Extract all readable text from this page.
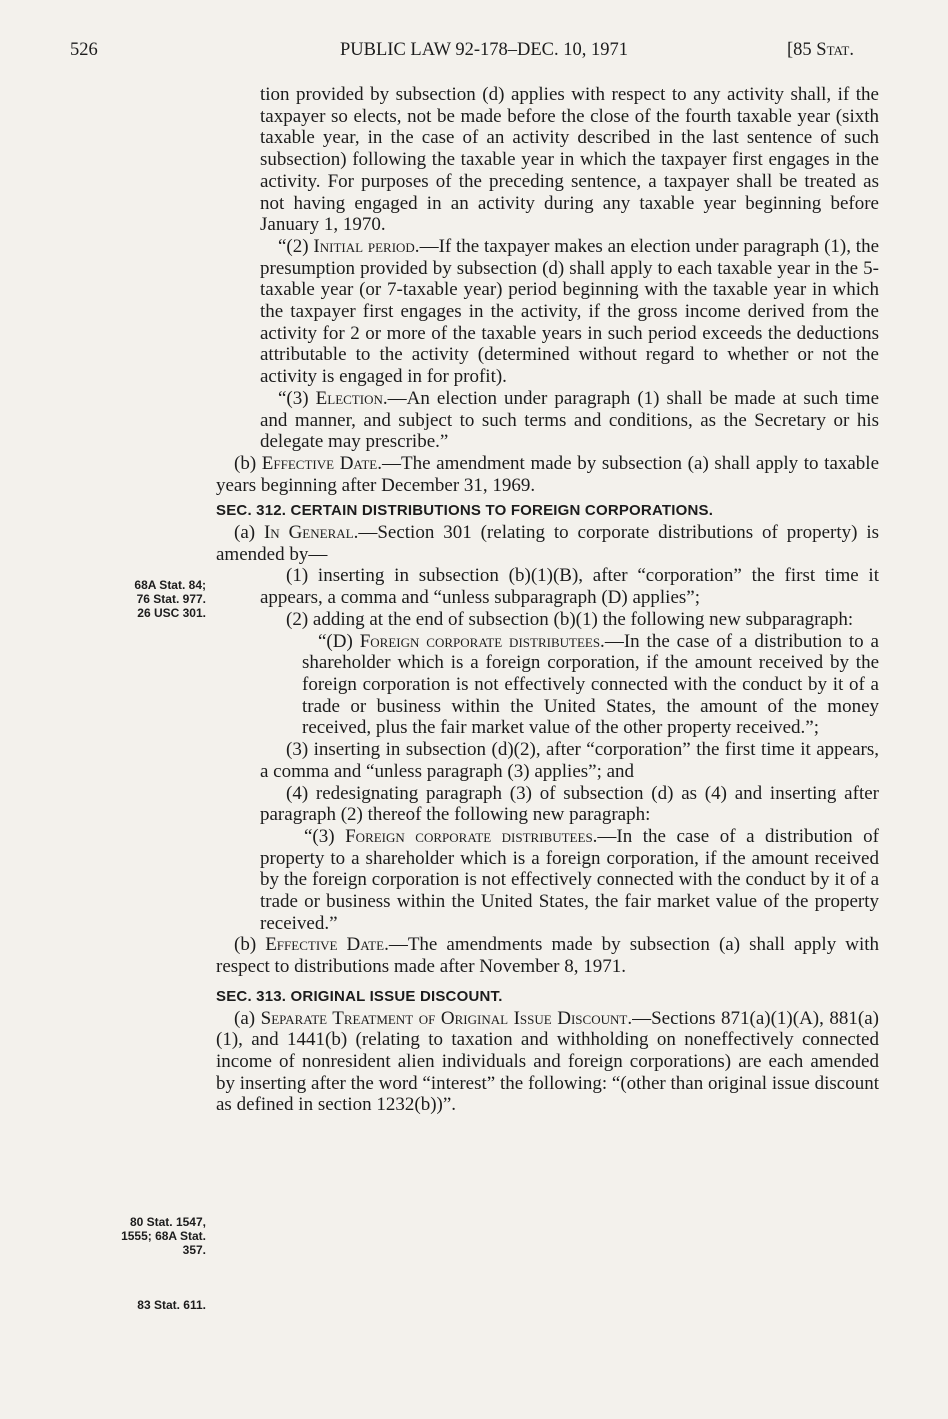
526	PUBLIC LAW 92-178–DEC. 10, 1971	[85 Stat.
68A Stat. 84;
76 Stat. 977.
26 USC 301.
80 Stat. 1547,
1555; 68A Stat.
357.
83 Stat. 611.

tion provided by subsection (d) applies with respect to any activity shall, if the taxpayer so elects, not be made before the close of the fourth taxable year (sixth taxable year, in the case of an activity described in the last sentence of such subsection) following the taxable year in which the taxpayer first engages in the activity. For purposes of the preceding sentence, a taxpayer shall be treated as not having engaged in an activity during any taxable year beginning before January 1, 1970.

“(2) Initial period.—If the taxpayer makes an election under paragraph (1), the presumption provided by subsection (d) shall apply to each taxable year in the 5-taxable year (or 7-taxable year) period beginning with the taxable year in which the taxpayer first engages in the activity, if the gross income derived from the activity for 2 or more of the taxable years in such period exceeds the deductions attributable to the activity (determined without regard to whether or not the activity is engaged in for profit).

“(3) Election.—An election under paragraph (1) shall be made at such time and manner, and subject to such terms and conditions, as the Secretary or his delegate may prescribe.”

(b) Effective Date.—The amendment made by subsection (a) shall apply to taxable years beginning after December 31, 1969.

SEC. 312. CERTAIN DISTRIBUTIONS TO FOREIGN CORPORATIONS.

(a) In General.—Section 301 (relating to corporate distributions of property) is amended by—

(1) inserting in subsection (b)(1)(B), after “corporation” the first time it appears, a comma and “unless subparagraph (D) applies”;

(2) adding at the end of subsection (b)(1) the following new subparagraph:

“(D) Foreign corporate distributees.—In the case of a distribution to a shareholder which is a foreign corporation, if the amount received by the foreign corporation is not effectively connected with the conduct by it of a trade or business within the United States, the amount of the money received, plus the fair market value of the other property received.”;

(3) inserting in subsection (d)(2), after “corporation” the first time it appears, a comma and “unless paragraph (3) applies”; and

(4) redesignating paragraph (3) of subsection (d) as (4) and inserting after paragraph (2) thereof the following new paragraph:

“(3) Foreign corporate distributees.—In the case of a distribution of property to a shareholder which is a foreign corporation, if the amount received by the foreign corporation is not effectively connected with the conduct by it of a trade or business within the United States, the fair market value of the property received.”

(b) Effective Date.—The amendments made by subsection (a) shall apply with respect to distributions made after November 8, 1971.

SEC. 313. ORIGINAL ISSUE DISCOUNT.

(a) Separate Treatment of Original Issue Discount.—Sections 871(a)(1)(A), 881(a)(1), and 1441(b) (relating to taxation and withholding on noneffectively connected income of nonresident alien individuals and foreign corporations) are each amended by inserting after the word “interest” the following: “(other than original issue discount as defined in section 1232(b))”.
